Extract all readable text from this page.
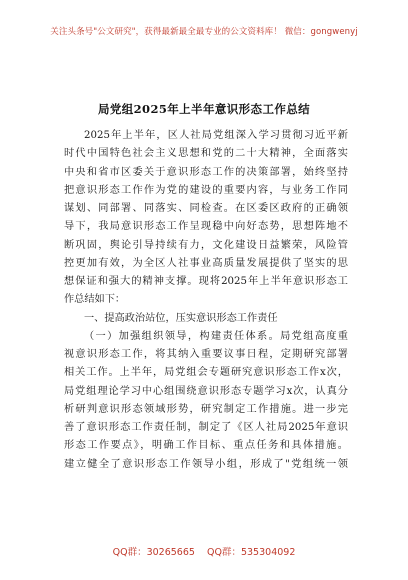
关注头条号"公文研究"，获得最新最全最专业的公文资料库！ 微信：gongwenyj
局党组2025年上半年意识形态工作总结
2025年上半年，区人社局党组深入学习贯彻习近平新
时代中国特色社会主义思想和党的二十大精神，全面落实
中央和省市区委关于意识形态工作的决策部署，始终坚持
把意识形态工作作为党的建设的重要内容，与业务工作同
谋划、同部署、同落实、同检查。在区委区政府的正确领
导下，我局意识形态工作呈现稳中向好态势，思想阵地不
断巩固，舆论引导持续有力，文化建设日益繁荣，风险管
控更加有效，为全区人社事业高质量发展提供了坚实的思
想保证和强大的精神支撑。现将2025年上半年意识形态工
作总结如下：
一、提高政治站位，压实意识形态工作责任
（一）加强组织领导，构建责任体系。局党组高度重
视意识形态工作，将其纳入重要议事日程，定期研究部署
相关工作。上半年，局党组会专题研究意识形态工作x次，
局党组理论学习中心组围绕意识形态专题学习x次，认真分
析研判意识形态领域形势，研究制定工作措施。进一步完
善了意识形态工作责任制，制定了《区人社局2025年意识
形态工作要点》，明确工作目标、重点任务和具体措施。
建立健全了意识形态工作领导小组，形成了"党组统一领
QQ群：30265665 QQ群：535304092
